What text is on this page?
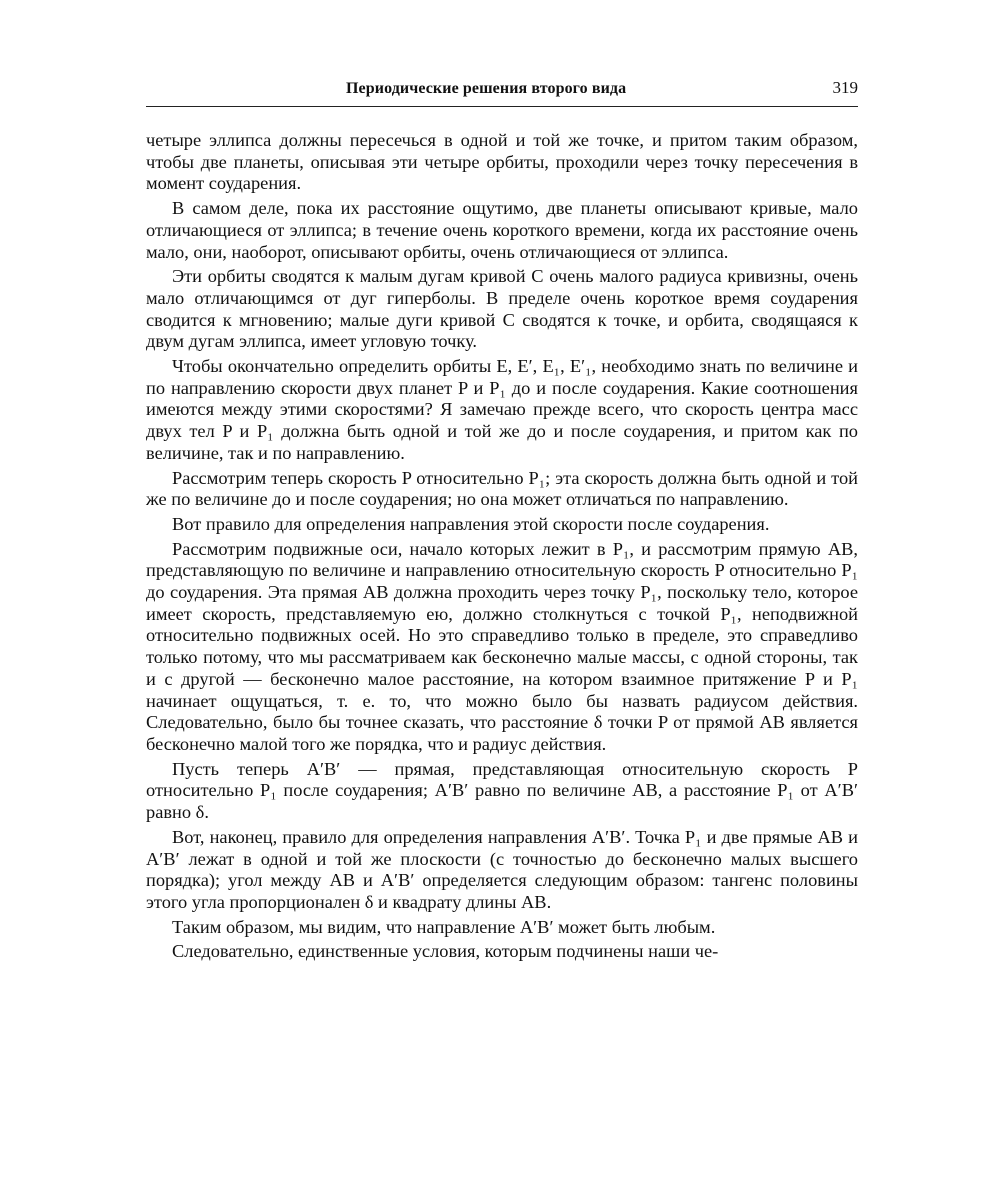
Периодические решения второго вида	319

четыре эллипса должны пересечься в одной и той же точке, и притом таким образом, чтобы две планеты, описывая эти четыре орбиты, проходили через точку пересечения в момент соударения.

В самом деле, пока их расстояние ощутимо, две планеты описывают кривые, мало отличающиеся от эллипса; в течение очень короткого времени, когда их расстояние очень мало, они, наоборот, описывают орбиты, очень отличающиеся от эллипса.

Эти орбиты сводятся к малым дугам кривой C очень малого радиуса кривизны, очень мало отличающимся от дуг гиперболы. В пределе очень короткое время соударения сводится к мгновению; малые дуги кривой C сводятся к точке, и орбита, сводящаяся к двум дугам эллипса, имеет угловую точку.

Чтобы окончательно определить орбиты E, E′, E₁, E′₁, необходимо знать по величине и по направлению скорости двух планет P и P₁ до и после соударения. Какие соотношения имеются между этими скоростями? Я замечаю прежде всего, что скорость центра масс двух тел P и P₁ должна быть одной и той же до и после соударения, и притом как по величине, так и по направлению.

Рассмотрим теперь скорость P относительно P₁; эта скорость должна быть одной и той же по величине до и после соударения; но она может отличаться по направлению.

Вот правило для определения направления этой скорости после соударения.

Рассмотрим подвижные оси, начало которых лежит в P₁, и рассмотрим прямую AB, представляющую по величине и направлению относительную скорость P относительно P₁ до соударения. Эта прямая AB должна проходить через точку P₁, поскольку тело, которое имеет скорость, представляемую ею, должно столкнуться с точкой P₁, неподвижной относительно подвижных осей. Но это справедливо только в пределе, это справедливо только потому, что мы рассматриваем как бесконечно малые массы, с одной стороны, так и с другой — бесконечно малое расстояние, на котором взаимное притяжение P и P₁ начинает ощущаться, т. е. то, что можно было бы назвать радиусом действия. Следовательно, было бы точнее сказать, что расстояние δ точки P от прямой AB является бесконечно малой того же порядка, что и радиус действия.

Пусть теперь A′B′ — прямая, представляющая относительную скорость P относительно P₁ после соударения; A′B′ равно по величине AB, а расстояние P₁ от A′B′ равно δ.

Вот, наконец, правило для определения направления A′B′. Точка P₁ и две прямые AB и A′B′ лежат в одной и той же плоскости (с точностью до бесконечно малых высшего порядка); угол между AB и A′B′ определяется следующим образом: тангенс половины этого угла пропорционален δ и квадрату длины AB.

Таким образом, мы видим, что направление A′B′ может быть любым.

Следовательно, единственные условия, которым подчинены наши че-
